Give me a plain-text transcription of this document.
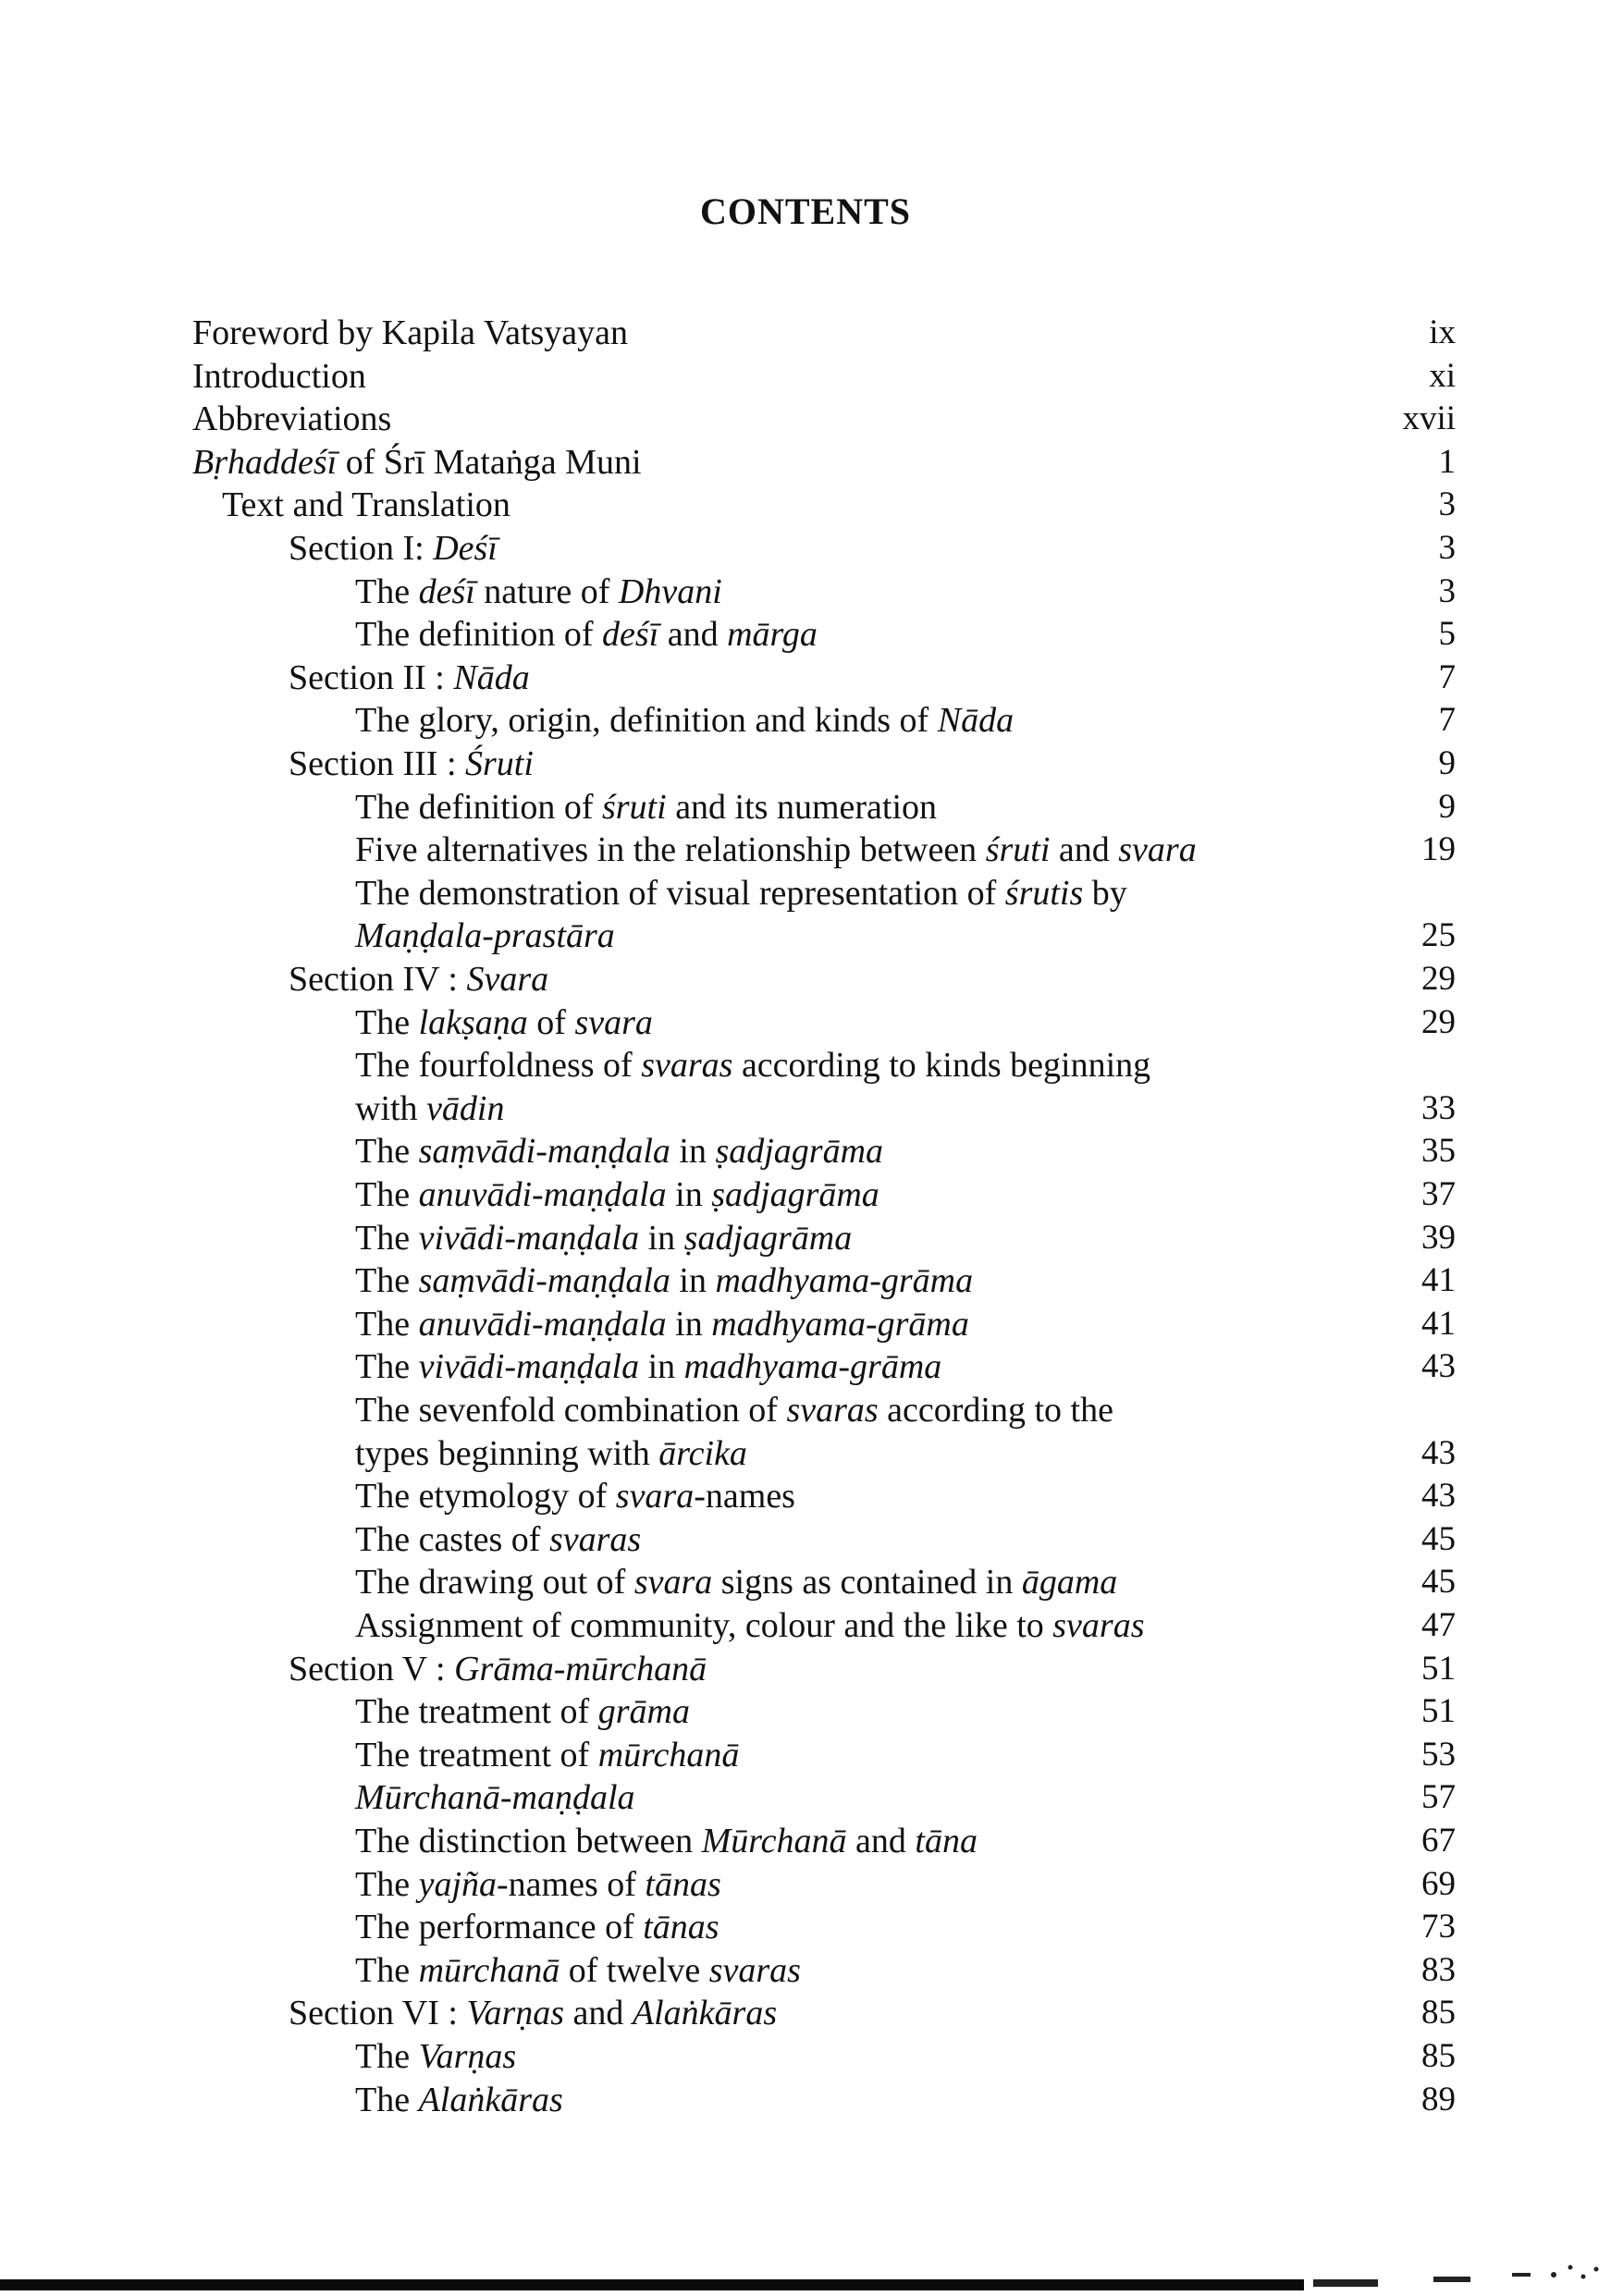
CONTENTS
Foreword by Kapila Vatsyayan	ix
Introduction	xi
Abbreviations	xvii
Bṛhaddeśī of Śrī Mataṅga Muni	1
Text and Translation	3
Section I: Deśī	3
The deśī nature of Dhvani	3
The definition of deśī and mārga	5
Section II : Nāda	7
The glory, origin, definition and kinds of Nāda	7
Section III : Śruti	9
The definition of śruti and its numeration	9
Five alternatives in the relationship between śruti and svara	19
The demonstration of visual representation of śrutis by
Maṇḍala-prastāra	25
Section IV : Svara	29
The lakṣaṇa of svara	29
The fourfoldness of svaras according to kinds beginning
with vādin	33
The saṃvādi-maṇḍala in ṣadjagrāma	35
The anuvādi-maṇḍala in ṣadjagrāma	37
The vivādi-maṇḍala in ṣadjagrāma	39
The saṃvādi-maṇḍala in madhyama-grāma	41
The anuvādi-maṇḍala in madhyama-grāma	41
The vivādi-maṇḍala in madhyama-grāma	43
The sevenfold combination of svaras according to the
types beginning with ārcika	43
The etymology of svara-names	43
The castes of svaras	45
The drawing out of svara signs as contained in āgama	45
Assignment of community, colour and the like to svaras	47
Section V : Grāma-mūrchanā	51
The treatment of grāma	51
The treatment of mūrchanā	53
Mūrchanā-maṇḍala	57
The distinction between Mūrchanā and tāna	67
The yajña-names of tānas	69
The performance of tānas	73
The mūrchanā of twelve svaras	83
Section VI : Varṇas and Alaṅkāras	85
The Varṇas	85
The Alaṅkāras	89
